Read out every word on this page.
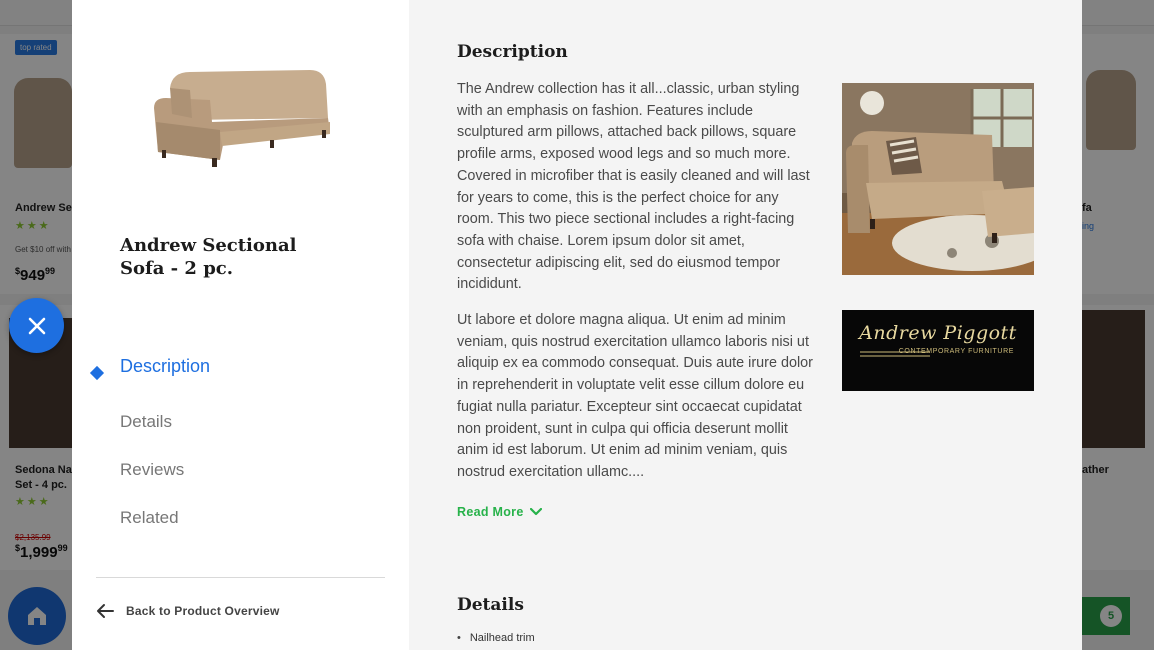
top rated
Andrew Se
★★★
Get $10 off with
$^{\$}949^{99}$
Sedona Na
Set - 4 pc.
★★★
$2,135.99
$1,999$^{99}$
fa
ing
ather
5
Andrew Sectional Sofa - 2 pc.
Description
Details
Reviews
Related
Back to Product Overview
Description

The Andrew collection has it all...classic, urban styling with an emphasis on fashion. Features include sculptured arm pillows, attached back pillows, square profile arms, exposed wood legs and so much more. Covered in microfiber that is easily cleaned and will last for years to come, this is the perfect choice for any room. This two piece sectional includes a right-facing sofa with chaise. Lorem ipsum dolor sit amet, consectetur adipiscing elit, sed do eiusmod tempor incididunt.

Ut labore et dolore magna aliqua. Ut enim ad minim veniam, quis nostrud exercitation ullamco laboris nisi ut aliquip ex ea commodo consequat. Duis aute irure dolor in reprehenderit in voluptate velit esse cillum dolore eu fugiat nulla pariatur. Excepteur sint occaecat cupidatat non proident, sunt in culpa qui officia deserunt mollit anim id est laborum. Ut enim ad minim veniam, quis nostrud exercitation ullamc....

Read More
Andrew Piggott
CONTEMPORARY FURNITURE
Details
• Nailhead trim
